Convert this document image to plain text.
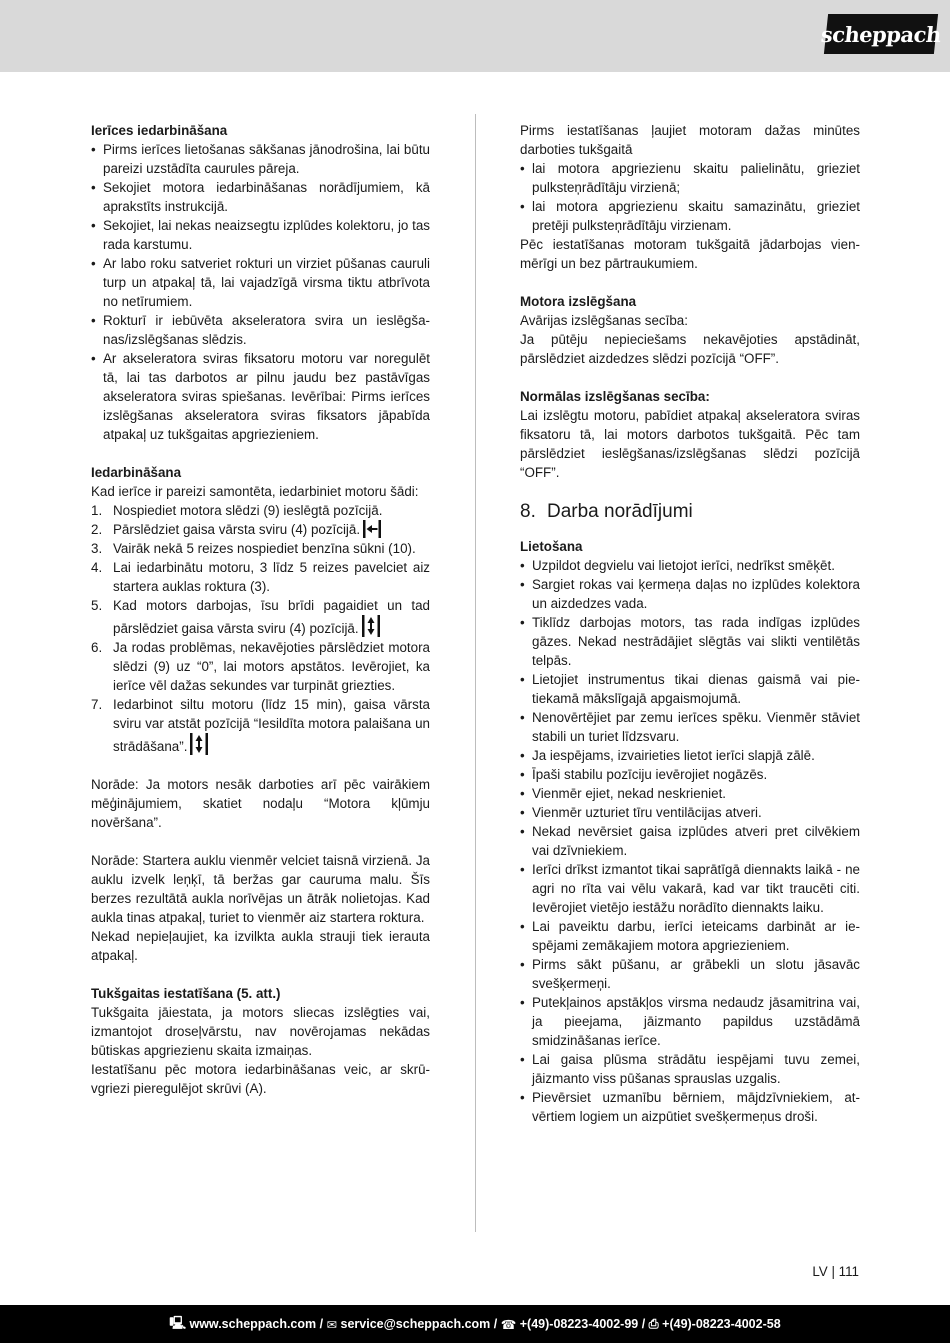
scheppach

Ierīces iedarbināšana

• Pirms ierīces lietošanas sākšanas jānodrošina, lai būtu pareizi uzstādīta caurules pāreja.
• Sekojiet motora iedarbināšanas norādījumiem, kā aprakstīts instrukcijā.
• Sekojiet, lai nekas neaizsegtu izplūdes kolektoru, jo tas rada karstumu.
• Ar labo roku satveriet rokturi un virziet pūšanas cauruli turp un atpakaļ tā, lai vajadzīgā virsma tiktu atbrīvota no netīrumiem.
• Rokturī ir iebūvēta akseleratora svira un ieslēgšanas/izslēgšanas slēdzis.
• Ar akseleratora sviras fiksatoru motoru var noregulēt tā, lai tas darbotos ar pilnu jaudu bez pastāvīgas akseleratora sviras spiešanas. Ievērībai: Pirms ierīces izslēgšanas akseleratora sviras fiksators jāpabīda atpakaļ uz tukšgaitas apgriezieniem.

Iedarbināšana

Kad ierīce ir pareizi samontēta, iedarbiniet motoru šādi:

1. Nospiediet motora slēdzi (9) ieslēgtā pozīcijā.
2. Pārslēdziet gaisa vārsta sviru (4) pozīcijā.
3. Vairāk nekā 5 reizes nospiediet benzīna sūkni (10).
4. Lai iedarbinātu motoru, 3 līdz 5 reizes pavelciet aiz startera auklas roktura (3).
5. Kad motors darbojas, īsu brīdi pagaidiet un tad pārslēdziet gaisa vārsta sviru (4) pozīcijā.
6. Ja rodas problēmas, nekavējoties pārslēdziet motora slēdzi (9) uz “0”, lai motors apstātos. Ievērojiet, ka ierīce vēl dažas sekundes var turpināt griezties.
7. Iedarbinot siltu motoru (līdz 15 min), gaisa vārsta sviru var atstāt pozīcijā “Iesildīta motora palaišana un strādāšana”.

Norāde: Ja motors nesāk darboties arī pēc vairākiem mēģinājumiem, skatiet nodaļu “Motora kļūmju novēršana”.

Norāde: Startera auklu vienmēr velciet taisnā virzienā. Ja auklu izvelk leņķī, tā beržas gar cauruma malu. Šīs berzes rezultātā aukla norīvējas un ātrāk nolietojas. Kad aukla tinas atpakaļ, turiet to vienmēr aiz startera roktura.

Nekad nepieļaujiet, ka izvilkta aukla strauji tiek ierauta atpakaļ.

Tukšgaitas iestatīšana (5. att.)

Tukšgaita jāiestata, ja motors sliecas izslēgties vai, izmantojot droseļvārstu, nav novērojamas nekādas būtiskas apgriezienu skaita izmaiņas.

Iestatīšanu pēc motora iedarbināšanas veic, ar skrūvgriezi pieregulējot skrūvi (A).

Pirms iestatīšanas ļaujiet motoram dažas minūtes darboties tukšgaitā

• lai motora apgriezienu skaitu palielinātu, grieziet pulksteņrādītāju virzienā;
• lai motora apgriezienu skaitu samazinātu, grieziet pretēji pulksteņrādītāju virzienam.

Pēc iestatīšanas motoram tukšgaitā jādarbojas vienmērīgi un bez pārtraukumiem.

Motora izslēgšana

Avārijas izslēgšanas secība:

Ja pūtēju nepieciešams nekavējoties apstādināt, pārslēdziet aizdedzes slēdzi pozīcijā “OFF”.

Normālas izslēgšanas secība:

Lai izslēgtu motoru, pabīdiet atpakaļ akseleratora sviras fiksatoru tā, lai motors darbotos tukšgaitā. Pēc tam pārslēdziet ieslēgšanas/izslēgšanas slēdzi pozīcijā “OFF”.

8. Darba norādījumi

Lietošana

• Uzpildot degvielu vai lietojot ierīci, nedrīkst smēķēt.
• Sargiet rokas vai ķermeņa daļas no izplūdes kolektora un aizdedzes vada.
• Tiklīdz darbojas motors, tas rada indīgas izplūdes gāzes. Nekad nestrādājiet slēgtās vai slikti ventilētās telpās.
• Lietojiet instrumentus tikai dienas gaismā vai pietiekamā mākslīgajā apgaismojumā.
• Nenovērtējiet par zemu ierīces spēku. Vienmēr stāviet stabili un turiet līdzsvaru.
• Ja iespējams, izvairieties lietot ierīci slapjā zālē.
• Īpaši stabilu pozīciju ievērojiet nogāzēs.
• Vienmēr ejiet, nekad neskrieniet.
• Vienmēr uzturiet tīru ventilācijas atveri.
• Nekad nevērsiet gaisa izplūdes atveri pret cilvēkiem vai dzīvniekiem.
• Ierīci drīkst izmantot tikai saprātīgā diennakts laikā - ne agri no rīta vai vēlu vakarā, kad var tikt traucēti citi. Ievērojiet vietējo iestāžu norādīto diennakts laiku.
• Lai paveiktu darbu, ierīci ieteicams darbināt ar iespējami zemākajiem motora apgriezieniem.
• Pirms sākt pūšanu, ar grābekli un slotu jāsavāc svešķermeņi.
• Putekļainos apstākļos virsma nedaudz jāsamitrina vai, ja pieejama, jāizmanto papildus uzstādāmā smidzināšanas ierīce.
• Lai gaisa plūsma strādātu iespējami tuvu zemei, jāizmanto viss pūšanas sprauslas uzgalis.
• Pievērsiet uzmanību bērniem, mājdzīvniekiem, atvērtiem logiem un aizpūtiet svešķermeņus droši.
LV | 111
🖳 www.scheppach.com / ✉ service@scheppach.com / ☎ +(49)-08223-4002-99 / ⎙ +(49)-08223-4002-58
